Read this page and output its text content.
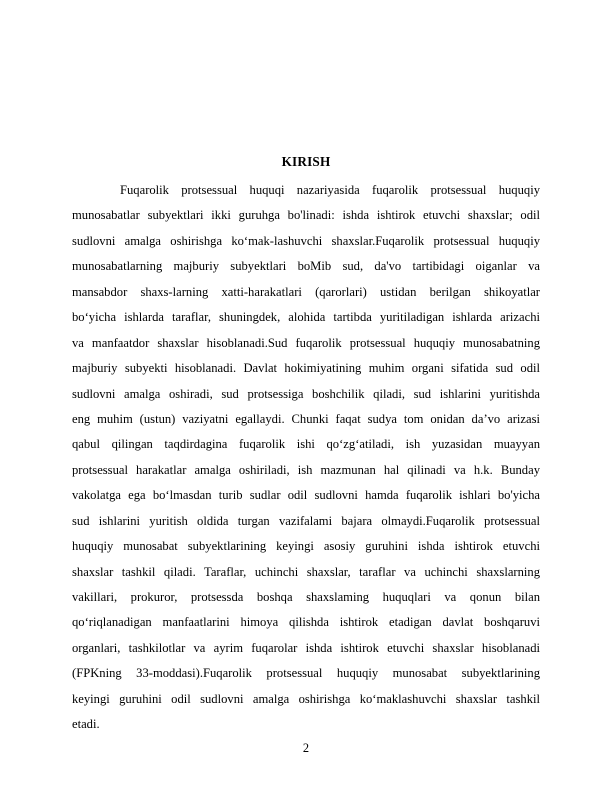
KIRISH
Fuqarolik protsessual huquqi nazariyasida fuqarolik protsessual huquqiy
munosabatlar subyektlari ikki guruhga bo'linadi: ishda ishtirok etuvchi shaxslar; odil
sudlovni amalga oshirishga koʻmak-lashuvchi shaxslar.Fuqarolik protsessual huquqiy
munosabatlarning majburiy subyektlari boMib sud, da'vo tartibidagi oiganlar va
mansabdor shaxs-larning xatti-harakatlari (qarorlari) ustidan berilgan shikoyatlar
boʻyicha ishlarda taraflar, shuningdek, alohida tartibda yuritiladigan ishlarda arizachi
va manfaatdor shaxslar hisoblanadi.Sud fuqarolik protsessual huquqiy munosabatning
majburiy subyekti hisoblanadi. Davlat hokimiyatining muhim organi sifatida sud odil
sudlovni amalga oshiradi, sud protsessiga boshchilik qiladi, sud ishlarini yuritishda
eng muhim (ustun) vaziyatni egallaydi. Chunki faqat sudya tom onidan da’vo arizasi
qabul qilingan taqdirdagina fuqarolik ishi qoʻzgʻatiladi, ish yuzasidan muayyan
protsessual harakatlar amalga oshiriladi, ish mazmunan hal qilinadi va h.k. Bunday
vakolatga ega boʻlmasdan turib sudlar odil sudlovni hamda fuqarolik ishlari bo'yicha
sud ishlarini yuritish oldida turgan vazifalami bajara olmaydi.Fuqarolik protsessual
huquqiy munosabat subyektlarining keyingi asosiy guruhini ishda ishtirok etuvchi
shaxslar tashkil qiladi. Taraflar, uchinchi shaxslar, taraflar va uchinchi shaxslarning
vakillari, prokuror, protsessda boshqa shaxslaming huquqlari va qonun bilan
qoʻriqlanadigan manfaatlarini himoya qilishda ishtirok etadigan davlat boshqaruvi
organlari, tashkilotlar va ayrim fuqarolar ishda ishtirok etuvchi shaxslar hisoblanadi
(FPKning 33-moddasi).Fuqarolik protsessual huquqiy munosabat subyektlarining
keyingi guruhini odil sudlovni amalga oshirishga koʻmaklashuvchi shaxslar tashkil
etadi.
2
